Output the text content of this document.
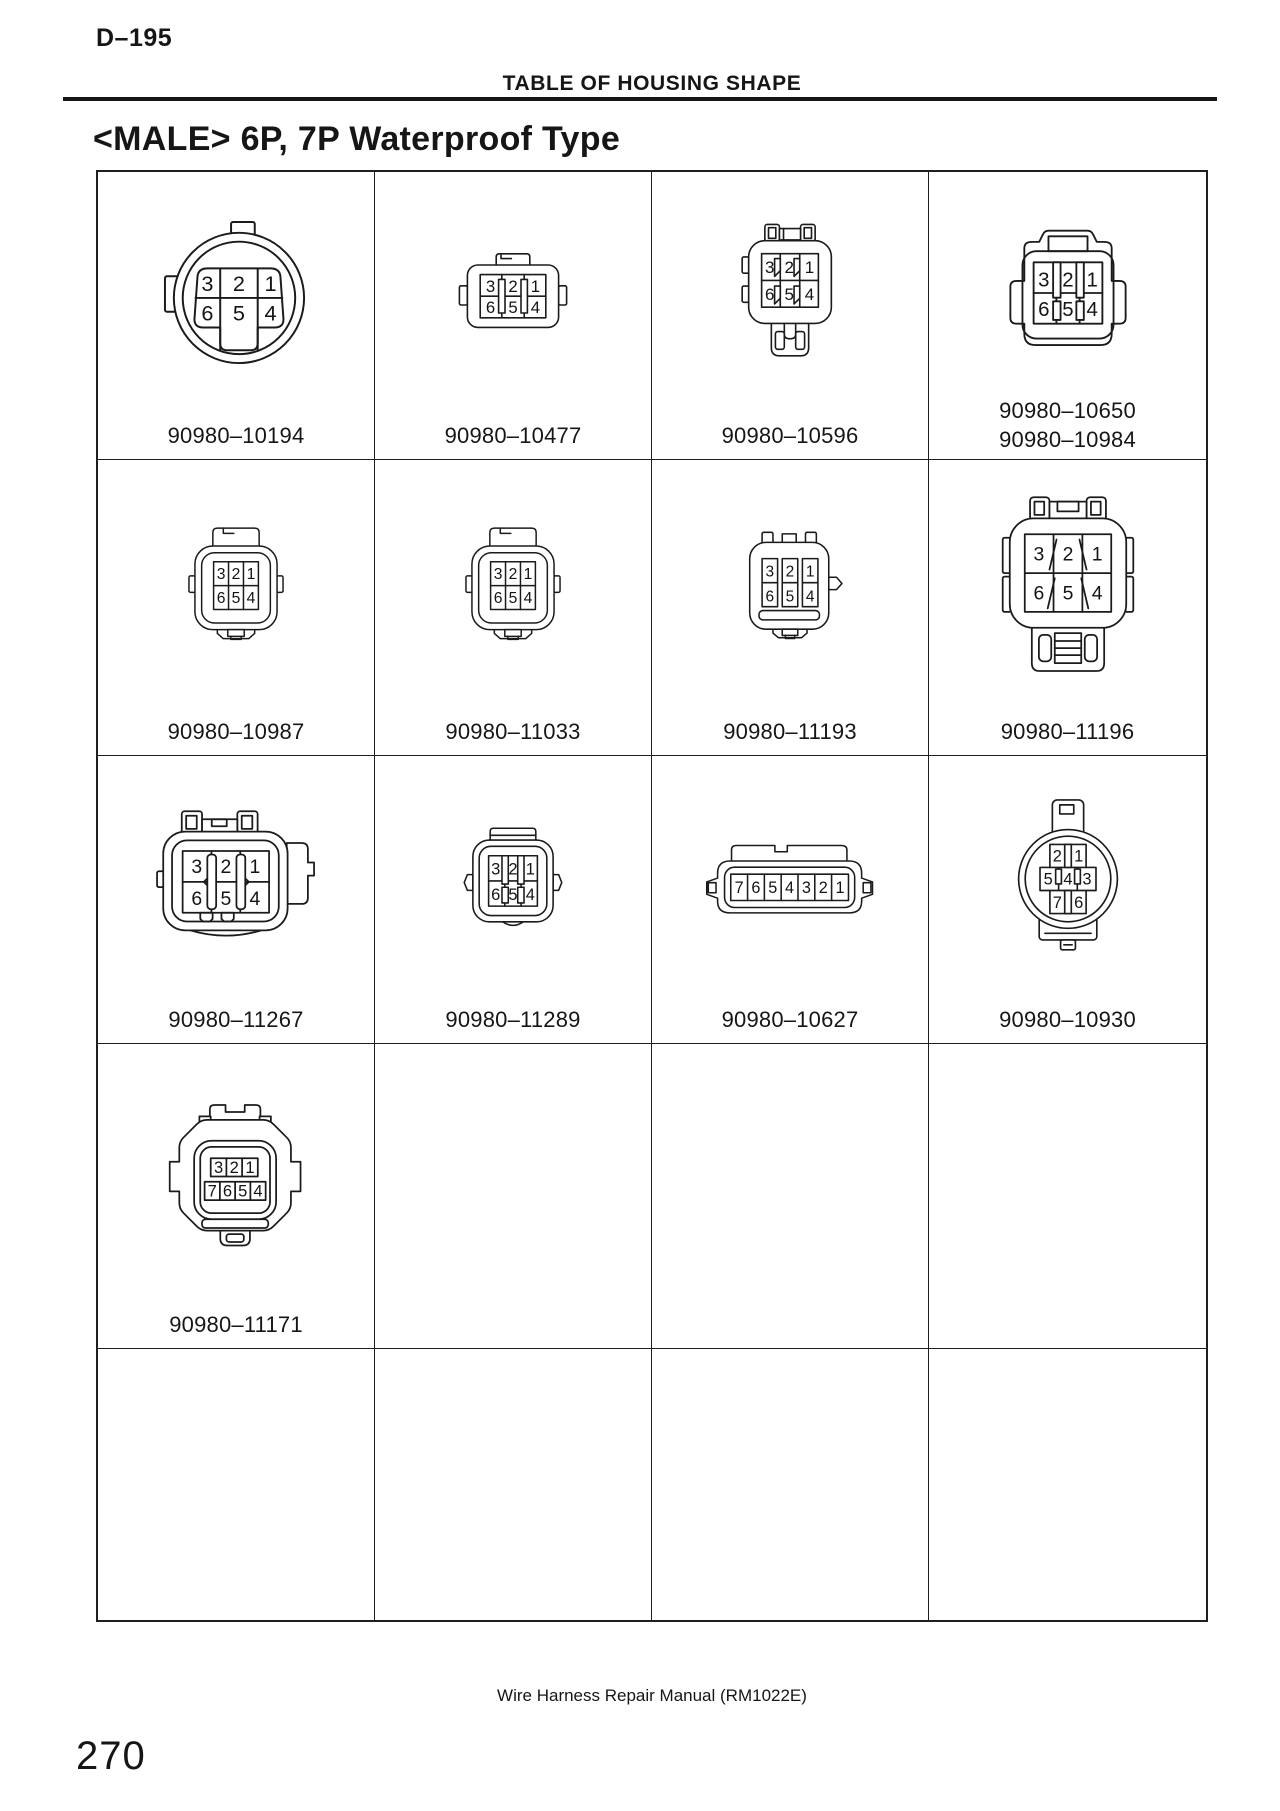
D–195
TABLE OF HOUSING SHAPE
<MALE> 6P, 7P Waterproof Type
3 2 1
6 5 4
90980–10194
3 2 1
6 5 4
90980–10477
3 2 1
6 5 4
90980–10596
3 2 1
6 5 4
90980–10650
90980–10984
3 2 1
6 5 4
90980–10987
3 2 1
6 5 4
90980–11033
3 2 1
6 5 4
90980–11193
3 2 1
6 5 4
90980–11196
3 2 1
6 5 4
90980–11267
3 2 1
6 5 4
90980–11289
7 6 5 4 3 2 1
90980–10627
2 1
5 4 3
7 6
90980–10930
3 2 1
7 6 5 4
90980–11171
Wire Harness Repair Manual (RM1022E)
270
